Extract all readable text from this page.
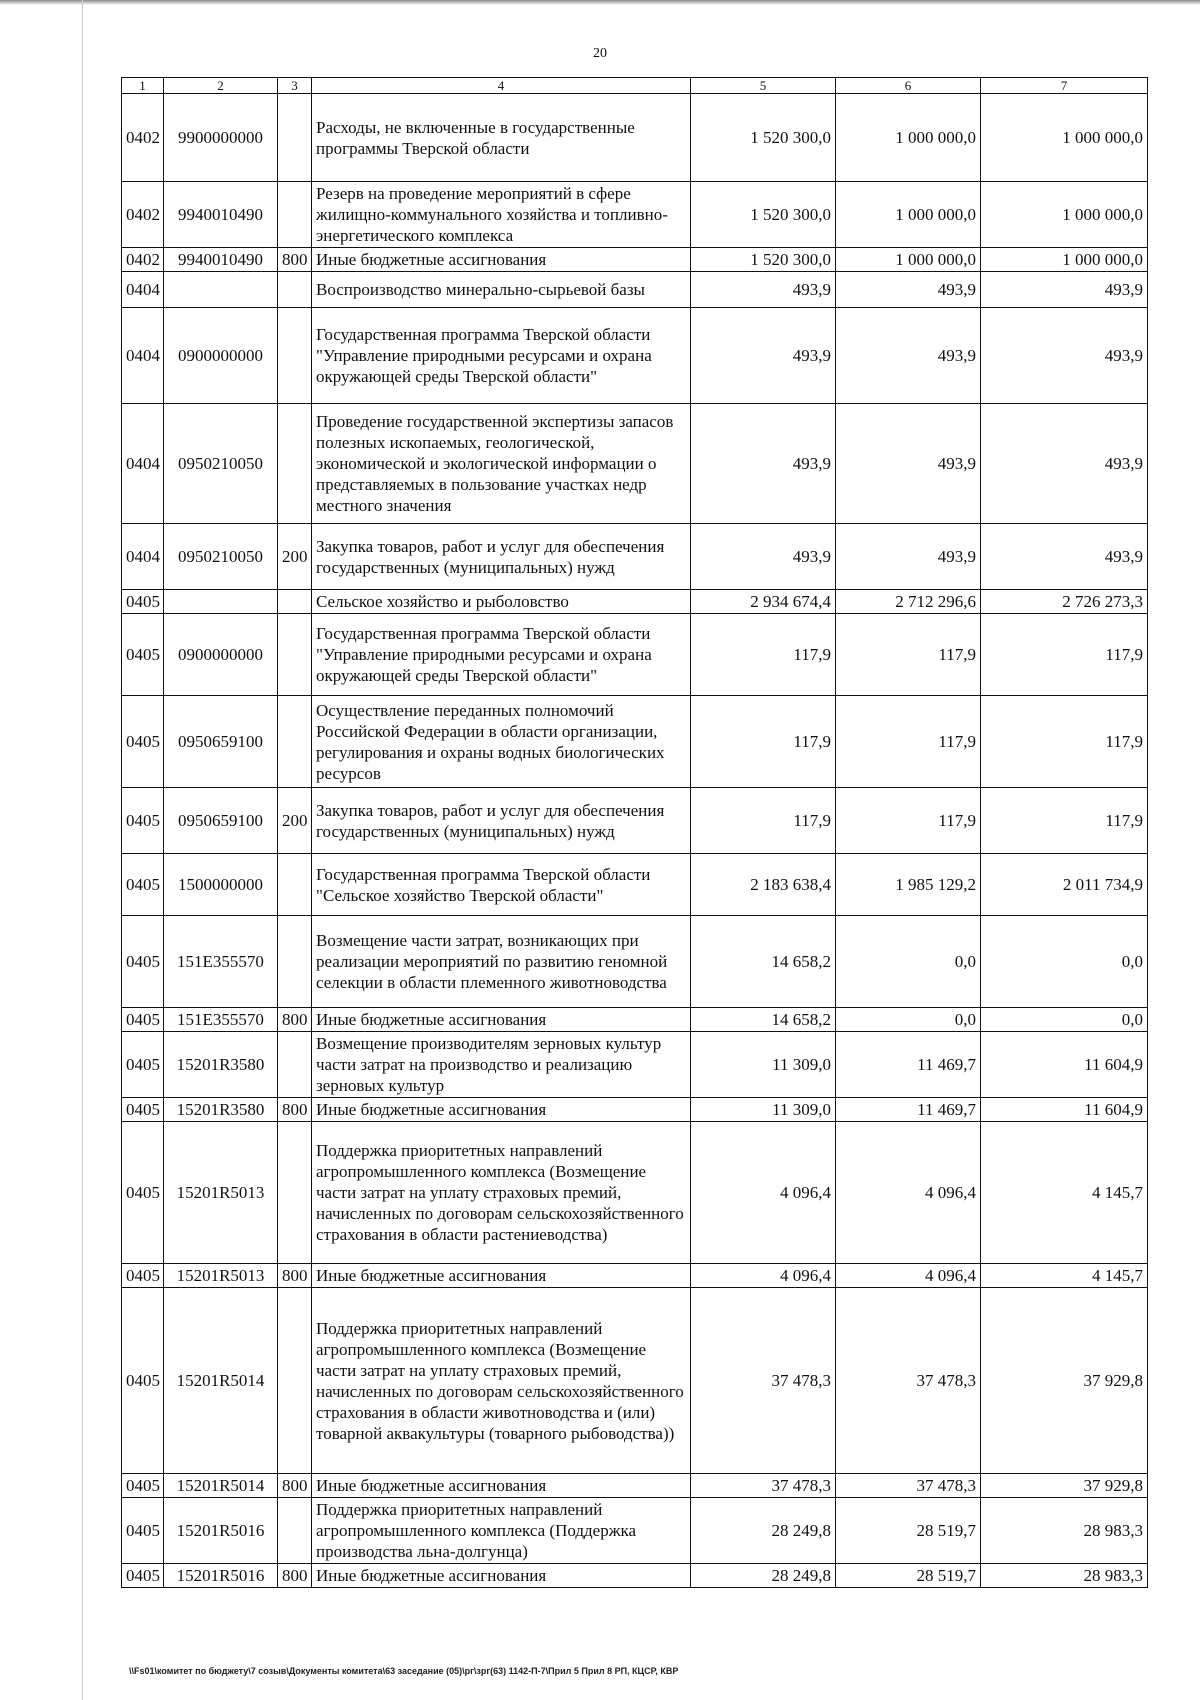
20
1	2	3	4	5	6	7
0402	9900000000		Расходы, не включенные в государственные программы Тверской области	1 520 300,0	1 000 000,0	1 000 000,0
0402	9940010490		Резерв на проведение мероприятий в сфере жилищно-коммунального хозяйства и топливно-энергетического комплекса	1 520 300,0	1 000 000,0	1 000 000,0
0402	9940010490	800	Иные бюджетные ассигнования	1 520 300,0	1 000 000,0	1 000 000,0
0404			Воспроизводство минерально-сырьевой базы	493,9	493,9	493,9
0404	0900000000		Государственная программа Тверской области "Управление природными ресурсами и охрана окружающей среды Тверской области"	493,9	493,9	493,9
0404	0950210050		Проведение государственной экспертизы запасов полезных ископаемых, геологической, экономической и экологической информации о представляемых в пользование участках недр местного значения	493,9	493,9	493,9
0404	0950210050	200	Закупка товаров, работ и услуг для обеспечения государственных (муниципальных) нужд	493,9	493,9	493,9
0405			Сельское хозяйство и рыболовство	2 934 674,4	2 712 296,6	2 726 273,3
0405	0900000000		Государственная программа Тверской области "Управление природными ресурсами и охрана окружающей среды Тверской области"	117,9	117,9	117,9
0405	0950659100		Осуществление переданных полномочий Российской Федерации в области организации, регулирования и охраны водных биологических ресурсов	117,9	117,9	117,9
0405	0950659100	200	Закупка товаров, работ и услуг для обеспечения государственных (муниципальных) нужд	117,9	117,9	117,9
0405	1500000000		Государственная программа Тверской области "Сельское хозяйство Тверской области"	2 183 638,4	1 985 129,2	2 011 734,9
0405	151E355570		Возмещение части затрат, возникающих при реализации мероприятий по развитию геномной селекции в области племенного животноводства	14 658,2	0,0	0,0
0405	151E355570	800	Иные бюджетные ассигнования	14 658,2	0,0	0,0
0405	15201R3580		Возмещение производителям зерновых культур части затрат на производство и реализацию зерновых культур	11 309,0	11 469,7	11 604,9
0405	15201R3580	800	Иные бюджетные ассигнования	11 309,0	11 469,7	11 604,9
0405	15201R5013		Поддержка приоритетных направлений агропромышленного комплекса (Возмещение части затрат на уплату страховых премий, начисленных по договорам сельскохозяйственного страхования в области растениеводства)	4 096,4	4 096,4	4 145,7
0405	15201R5013	800	Иные бюджетные ассигнования	4 096,4	4 096,4	4 145,7
0405	15201R5014		Поддержка приоритетных направлений агропромышленного комплекса (Возмещение части затрат на уплату страховых премий, начисленных по договорам сельскохозяйственного страхования в области животноводства и (или) товарной аквакультуры (товарного рыбоводства))	37 478,3	37 478,3	37 929,8
0405	15201R5014	800	Иные бюджетные ассигнования	37 478,3	37 478,3	37 929,8
0405	15201R5016		Поддержка приоритетных направлений агропромышленного комплекса (Поддержка производства льна-долгунца)	28 249,8	28 519,7	28 983,3
0405	15201R5016	800	Иные бюджетные ассигнования	28 249,8	28 519,7	28 983,3
\\Fs01\комитет по бюджету\7 созыв\Документы комитета\63 заседание (05)\рг\зрг(63) 1142-П-7\Прил 5 Прил 8 РП, КЦСР, КВР
